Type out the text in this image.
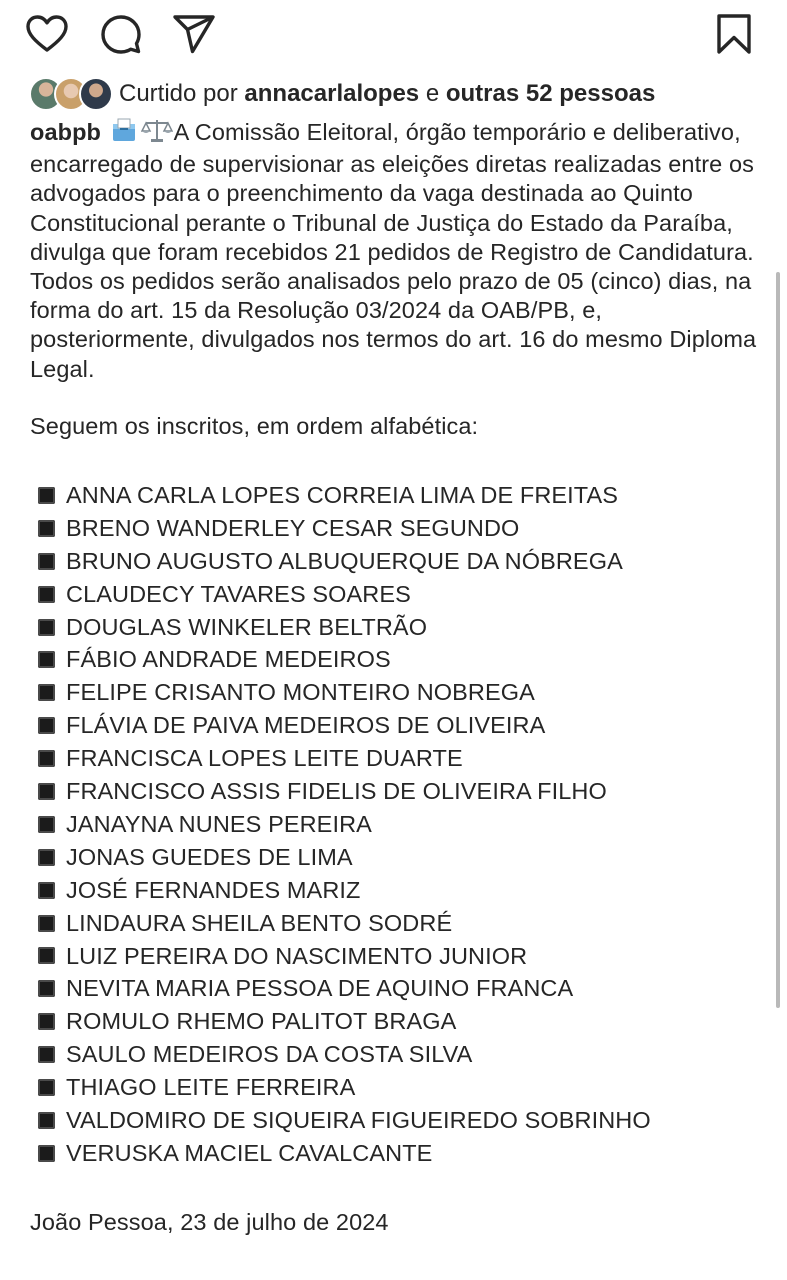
Curtido por annacarlalopes e outras 52 pessoas
oabpb	A Comissão Eleitoral, órgão temporário e deliberativo, encarregado de supervisionar as eleições diretas realizadas entre os advogados para o preenchimento da vaga destinada ao Quinto Constitucional perante o Tribunal de Justiça do Estado da Paraíba, divulga que foram recebidos 21 pedidos de Registro de Candidatura. Todos os pedidos serão analisados pelo prazo de 05 (cinco) dias, na forma do art. 15 da Resolução 03/2024 da OAB/PB, e, posteriormente, divulgados nos termos do art. 16 do mesmo Diploma Legal.

Seguem os inscritos, em ordem alfabética:

ANNA CARLA LOPES CORREIA LIMA DE FREITAS
BRENO WANDERLEY CESAR SEGUNDO
BRUNO AUGUSTO ALBUQUERQUE DA NÓBREGA
CLAUDECY TAVARES SOARES
DOUGLAS WINKELER BELTRÃO
FÁBIO ANDRADE MEDEIROS
FELIPE CRISANTO MONTEIRO NOBREGA
FLÁVIA DE PAIVA MEDEIROS DE OLIVEIRA
FRANCISCA LOPES LEITE DUARTE
FRANCISCO ASSIS FIDELIS DE OLIVEIRA FILHO
JANAYNA NUNES PEREIRA
JONAS GUEDES DE LIMA
JOSÉ FERNANDES MARIZ
LINDAURA SHEILA BENTO SODRÉ
LUIZ PEREIRA DO NASCIMENTO JUNIOR
NEVITA MARIA PESSOA DE AQUINO FRANCA
ROMULO RHEMO PALITOT BRAGA
SAULO MEDEIROS DA COSTA SILVA
THIAGO LEITE FERREIRA
VALDOMIRO DE SIQUEIRA FIGUEIREDO SOBRINHO
VERUSKA MACIEL CAVALCANTE
João Pessoa, 23 de julho de 2024
